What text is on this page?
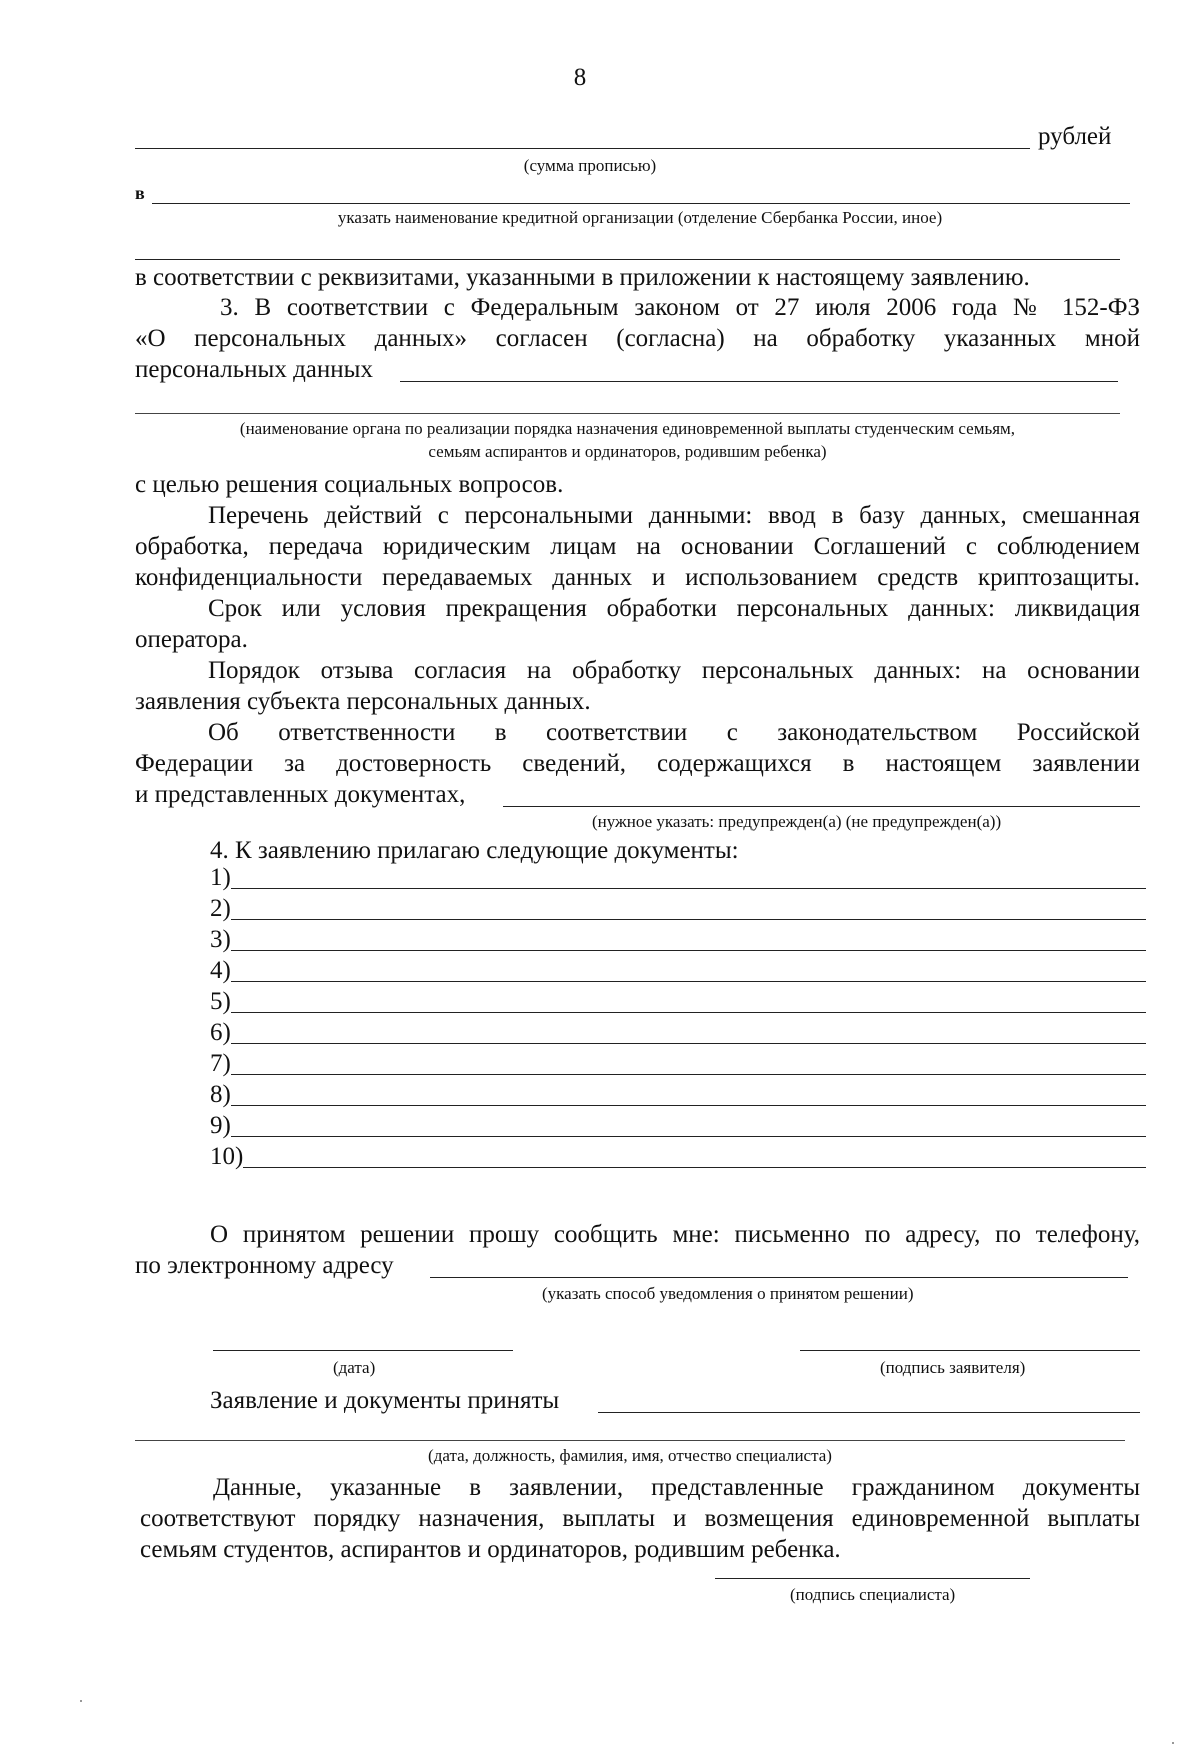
8
рублей
(сумма прописью)
в
указать наименование кредитной организации (отделение Сбербанка России, иное)
в соответствии с реквизитами, указанными в приложении к настоящему заявлению.
3. В соответствии с Федеральным законом от 27 июля 2006 года № 152-ФЗ
«О персональных данных» согласен (согласна) на обработку указанных мной
персональных данных
(наименование органа по реализации порядка назначения единовременной выплаты студенческим семьям,
семьям аспирантов и ординаторов, родившим ребенка)
с целью решения социальных вопросов.
Перечень действий с персональными данными: ввод в базу данных, смешанная
обработка, передача юридическим лицам на основании Соглашений с соблюдением
конфиденциальности передаваемых данных и использованием средств криптозащиты.
Срок или условия прекращения обработки персональных данных: ликвидация
оператора.
Порядок отзыва согласия на обработку персональных данных: на основании
заявления субъекта персональных данных.
Об ответственности в соответствии с законодательством Российской
Федерации за достоверность сведений, содержащихся в настоящем заявлении
и представленных документах,
(нужное указать: предупрежден(а) (не предупрежден(а))
4. К заявлению прилагаю следующие документы:
1)
2)
3)
4)
5)
6)
7)
8)
9)
10)
О принятом решении прошу сообщить мне: письменно по адресу, по телефону,
по электронному адресу
(указать способ уведомления о принятом решении)
(дата)	(подпись заявителя)
Заявление и документы приняты
(дата, должность, фамилия, имя, отчество специалиста)
Данные, указанные в заявлении, представленные гражданином документы
соответствуют порядку назначения, выплаты и возмещения единовременной выплаты
семьям студентов, аспирантов и ординаторов, родившим ребенка.
(подпись специалиста)
